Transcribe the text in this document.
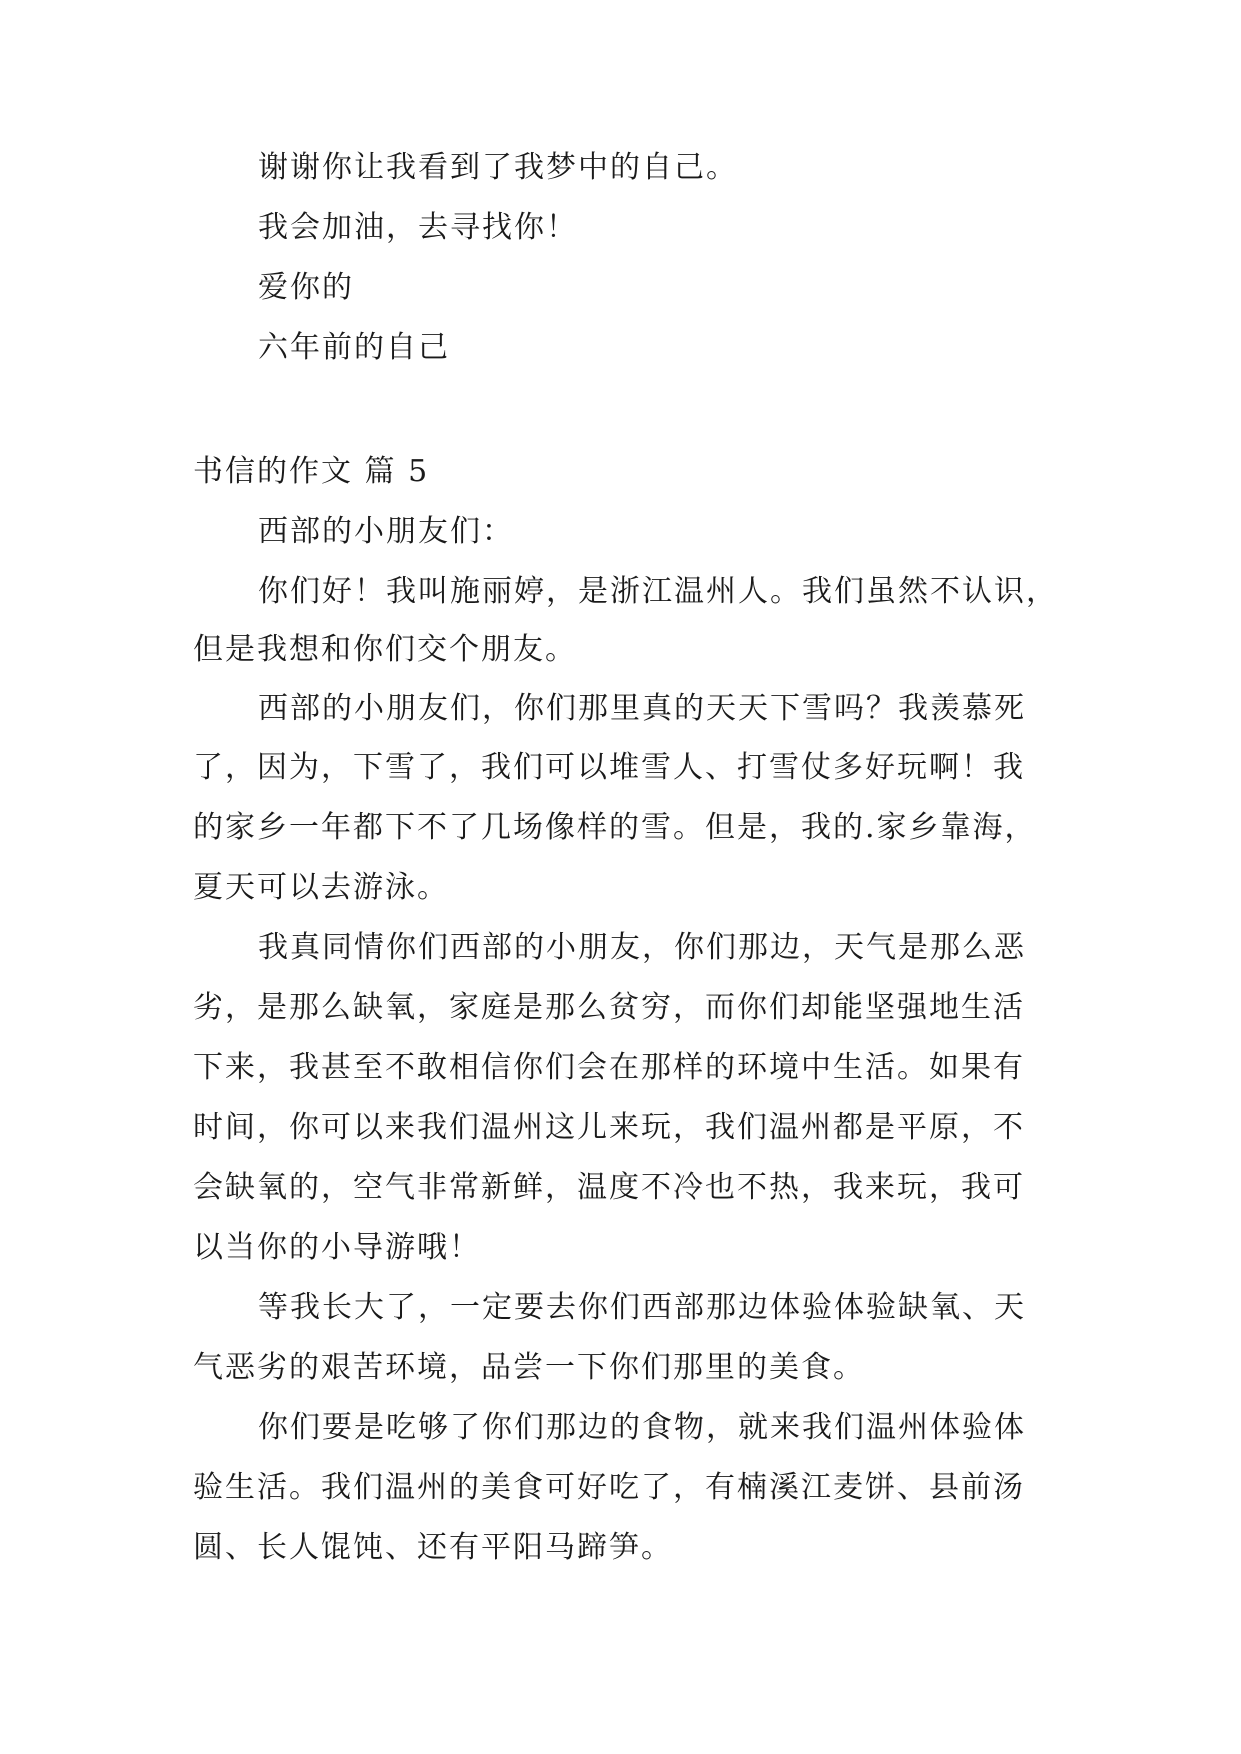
谢谢你让我看到了我梦中的自己。
我会加油，去寻找你！
爱你的
六年前的自己
书信的作文 篇 5
西部的小朋友们：
你们好！我叫施丽婷，是浙江温州人。我们虽然不认识，
但是我想和你们交个朋友。
西部的小朋友们，你们那里真的天天下雪吗？我羡慕死
了，因为，下雪了，我们可以堆雪人、打雪仗多好玩啊！我
的家乡一年都下不了几场像样的雪。但是，我的.家乡靠海，
夏天可以去游泳。
我真同情你们西部的小朋友，你们那边，天气是那么恶
劣，是那么缺氧，家庭是那么贫穷，而你们却能坚强地生活
下来，我甚至不敢相信你们会在那样的环境中生活。如果有
时间，你可以来我们温州这儿来玩，我们温州都是平原，不
会缺氧的，空气非常新鲜，温度不冷也不热，我来玩，我可
以当你的小导游哦！
等我长大了，一定要去你们西部那边体验体验缺氧、天
气恶劣的艰苦环境，品尝一下你们那里的美食。
你们要是吃够了你们那边的食物，就来我们温州体验体
验生活。我们温州的美食可好吃了，有楠溪江麦饼、县前汤
圆、长人馄饨、还有平阳马蹄笋。
